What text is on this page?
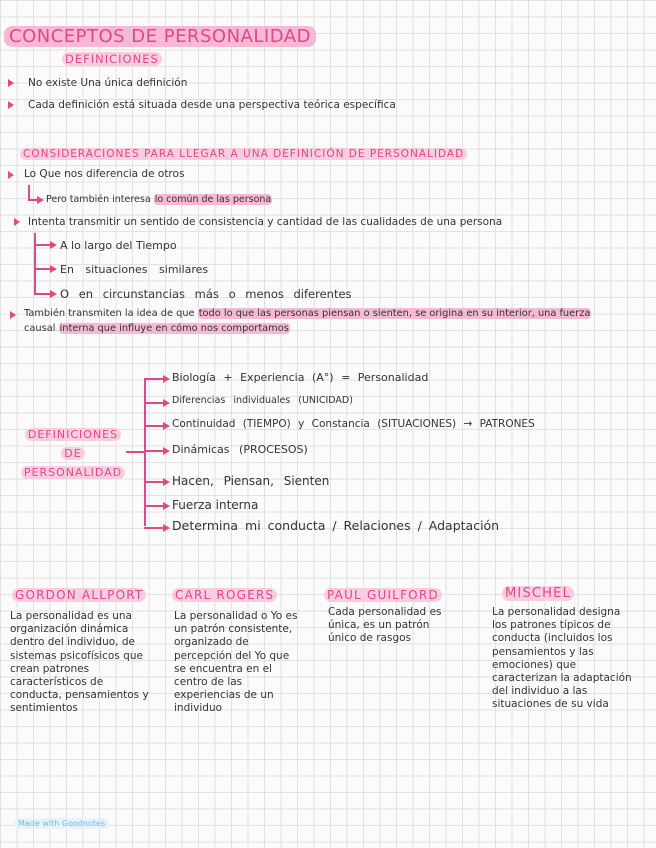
CONCEPTOS DE PERSONALIDAD
DEFINICIONES
No existe Una única definición
Cada definición está situada desde una perspectiva teórica específica
CONSIDERACIONES PARA LLEGAR A UNA DEFINICIÓN DE PERSONALIDAD
Lo Que nos diferencia de otros
Pero también interesa lo común de las persona
Intenta transmitir un sentido de consistencia y cantidad de las cualidades de una persona
A lo largo del Tiempo
En situaciones similares
O en circunstancias más o menos diferentes
También transmiten la idea de que todo lo que las personas piensan o sienten, se origina en su interior, una fuerza
causal interna que influye en cómo nos comportamos
DEFINICIONES
DE
PERSONALIDAD
Biología + Experiencia (A°) = Personalidad
Diferencias individuales (UNICIDAD)
Continuidad (TIEMPO) y Constancia (SITUACIONES) → PATRONES
Dinámicas (PROCESOS)
Hacen, Piensan, Sienten
Fuerza interna
Determina mi conducta / Relaciones / Adaptación
GORDON ALLPORT
La personalidad es una organización dinámica dentro del individuo, de sistemas psicofísicos que crean patrones característicos de conducta, pensamientos y sentimientos
CARL ROGERS
La personalidad o Yo es un patrón consistente, organizado de percepción del Yo que se encuentra en el centro de las experiencias de un individuo
PAUL GUILFORD
Cada personalidad es única, es un patrón único de rasgos
MISCHEL
La personalidad designa los patrones típicos de conducta (incluidos los pensamientos y las emociones) que caracterizan la adaptación del individuo a las situaciones de su vida
Made with Goodnotes
